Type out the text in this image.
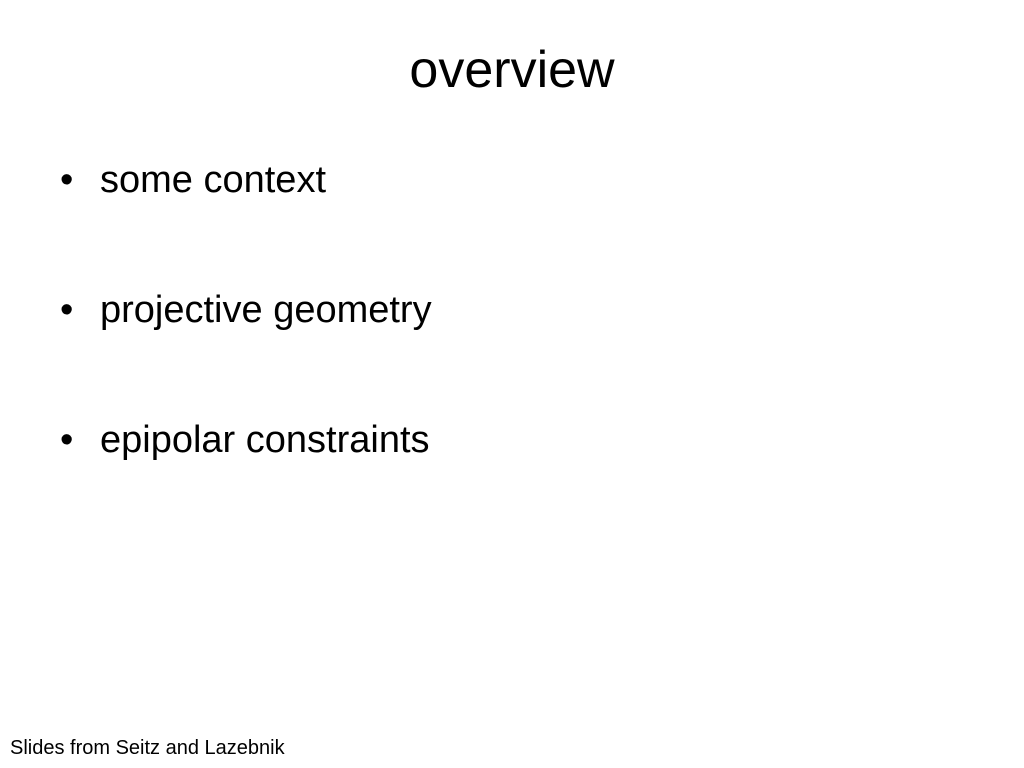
overview
• some context
• projective geometry
• epipolar constraints
Slides from Seitz and Lazebnik
